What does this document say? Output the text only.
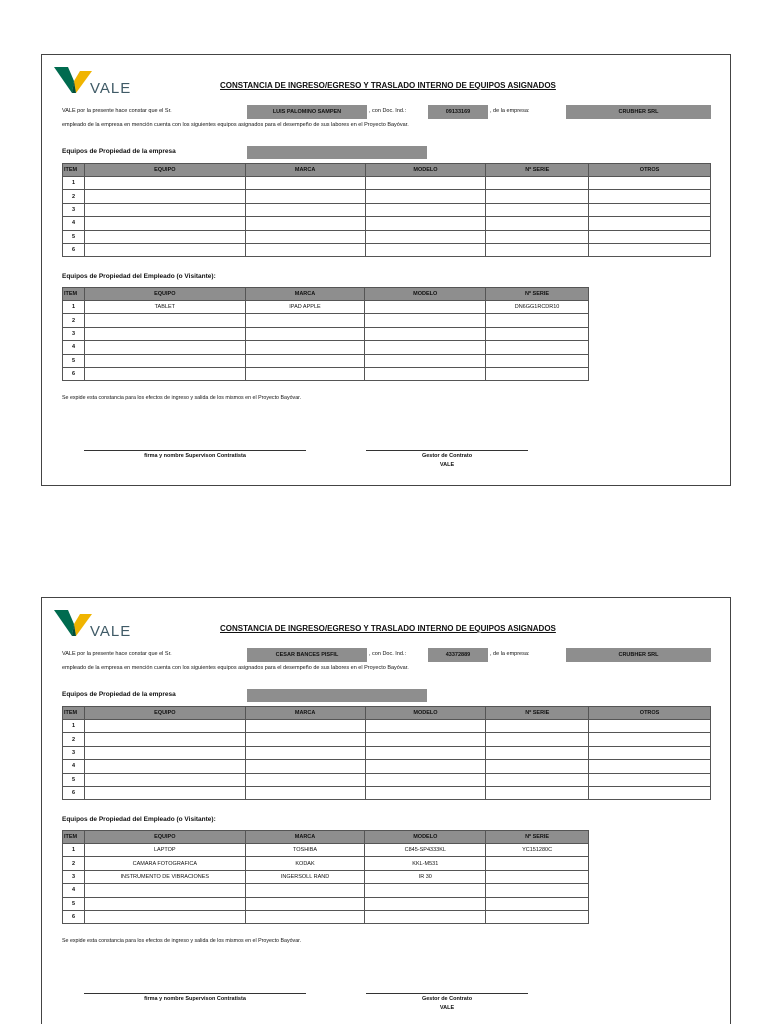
VALE	CONSTANCIA DE INGRESO/EGRESO Y TRASLADO INTERNO DE EQUIPOS ASIGNADOS
VALE por la presente hace constar que el Sr.	LUIS PALOMINO SAMPEN	, con Doc. Ind.:	09133169	, de la empresa:	CRUBHER SRL
empleado de la empresa en mención cuenta con los siguientes equipos asignados para el desempeño de sus labores en el Proyecto Bayóvar.
Equipos de Propiedad de la empresa
ITEM	EQUIPO	MARCA	MODELO	Nº SERIE	OTROS
1					
2					
3					
4					
5					
6					
Equipos de Propiedad del Empleado (o Visitante):
ITEM	EQUIPO	MARCA	MODELO	Nº SERIE
1	TABLET	IPAD APPLE		DN6GG1RCDR10
2				
3				
4				
5				
6				
Se expide esta constancia para los efectos de ingreso y salida de los mismos en el Proyecto Bayóvar.
firma y nombre Supervison Contratista	Gestor de Contrato
VALE
VALE	CONSTANCIA DE INGRESO/EGRESO Y TRASLADO INTERNO DE EQUIPOS ASIGNADOS
VALE por la presente hace constar que el Sr.	CESAR BANCES PISFIL	, con Doc. Ind.:	43372889	, de la empresa:	CRUBHER SRL
empleado de la empresa en mención cuenta con los siguientes equipos asignados para el desempeño de sus labores en el Proyecto Bayóvar.
Equipos de Propiedad de la empresa
ITEM	EQUIPO	MARCA	MODELO	Nº SERIE	OTROS
1					
2					
3					
4					
5					
6					
Equipos de Propiedad del Empleado (o Visitante):
ITEM	EQUIPO	MARCA	MODELO	Nº SERIE
1	LAPTOP	TOSHIBA	C845-SP4333KL	YC151280C
2	CAMARA FOTOGRAFICA	KODAK	KKL-M531	
3	INSTRUMENTO DE VIBRACIONES	INGERSOLL RAND	IR 30	
4				
5				
6				
Se expide esta constancia para los efectos de ingreso y salida de los mismos en el Proyecto Bayóvar.
firma y nombre Supervison Contratista	Gestor de Contrato
VALE
